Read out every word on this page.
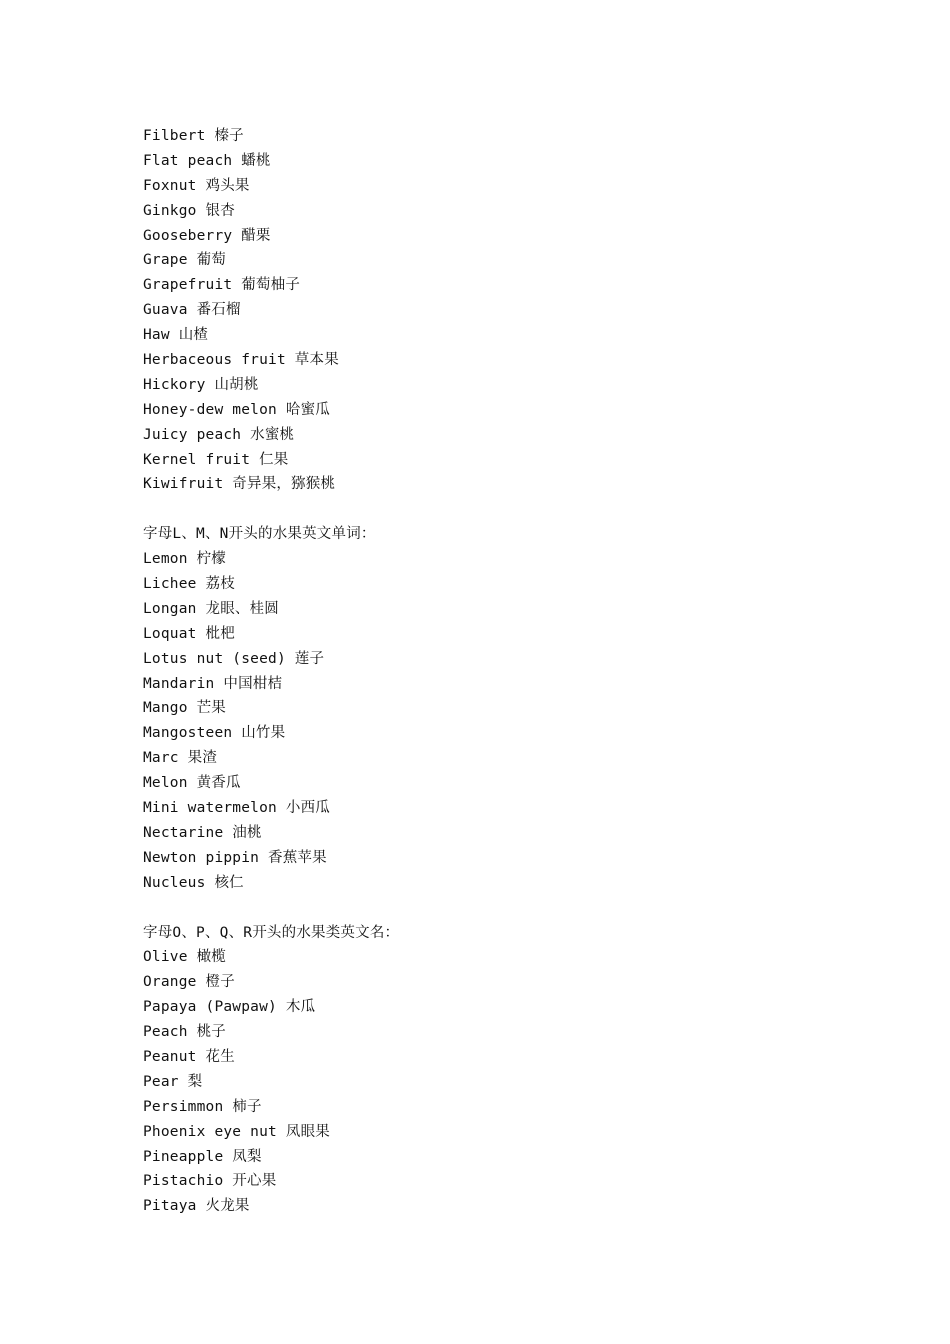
Filbert 榛子
Flat peach 蟠桃
Foxnut 鸡头果
Ginkgo 银杏
Gooseberry 醋栗
Grape 葡萄
Grapefruit 葡萄柚子
Guava 番石榴
Haw 山楂
Herbaceous fruit 草本果
Hickory 山胡桃
Honey-dew melon 哈蜜瓜
Juicy peach 水蜜桃
Kernel fruit 仁果
Kiwifruit 奇异果，猕猴桃
字母L、M、N开头的水果英文单词：
Lemon 柠檬
Lichee 荔枝
Longan 龙眼、桂圆
Loquat 枇杷
Lotus nut (seed) 莲子
Mandarin 中国柑桔
Mango 芒果
Mangosteen 山竹果
Marc 果渣
Melon 黄香瓜
Mini watermelon 小西瓜
Nectarine 油桃
Newton pippin 香蕉苹果
Nucleus 核仁
字母O、P、Q、R开头的水果类英文名：
Olive 橄榄
Orange 橙子
Papaya (Pawpaw) 木瓜
Peach 桃子
Peanut 花生
Pear 梨
Persimmon 柿子
Phoenix eye nut 凤眼果
Pineapple 凤梨
Pistachio 开心果
Pitaya 火龙果
